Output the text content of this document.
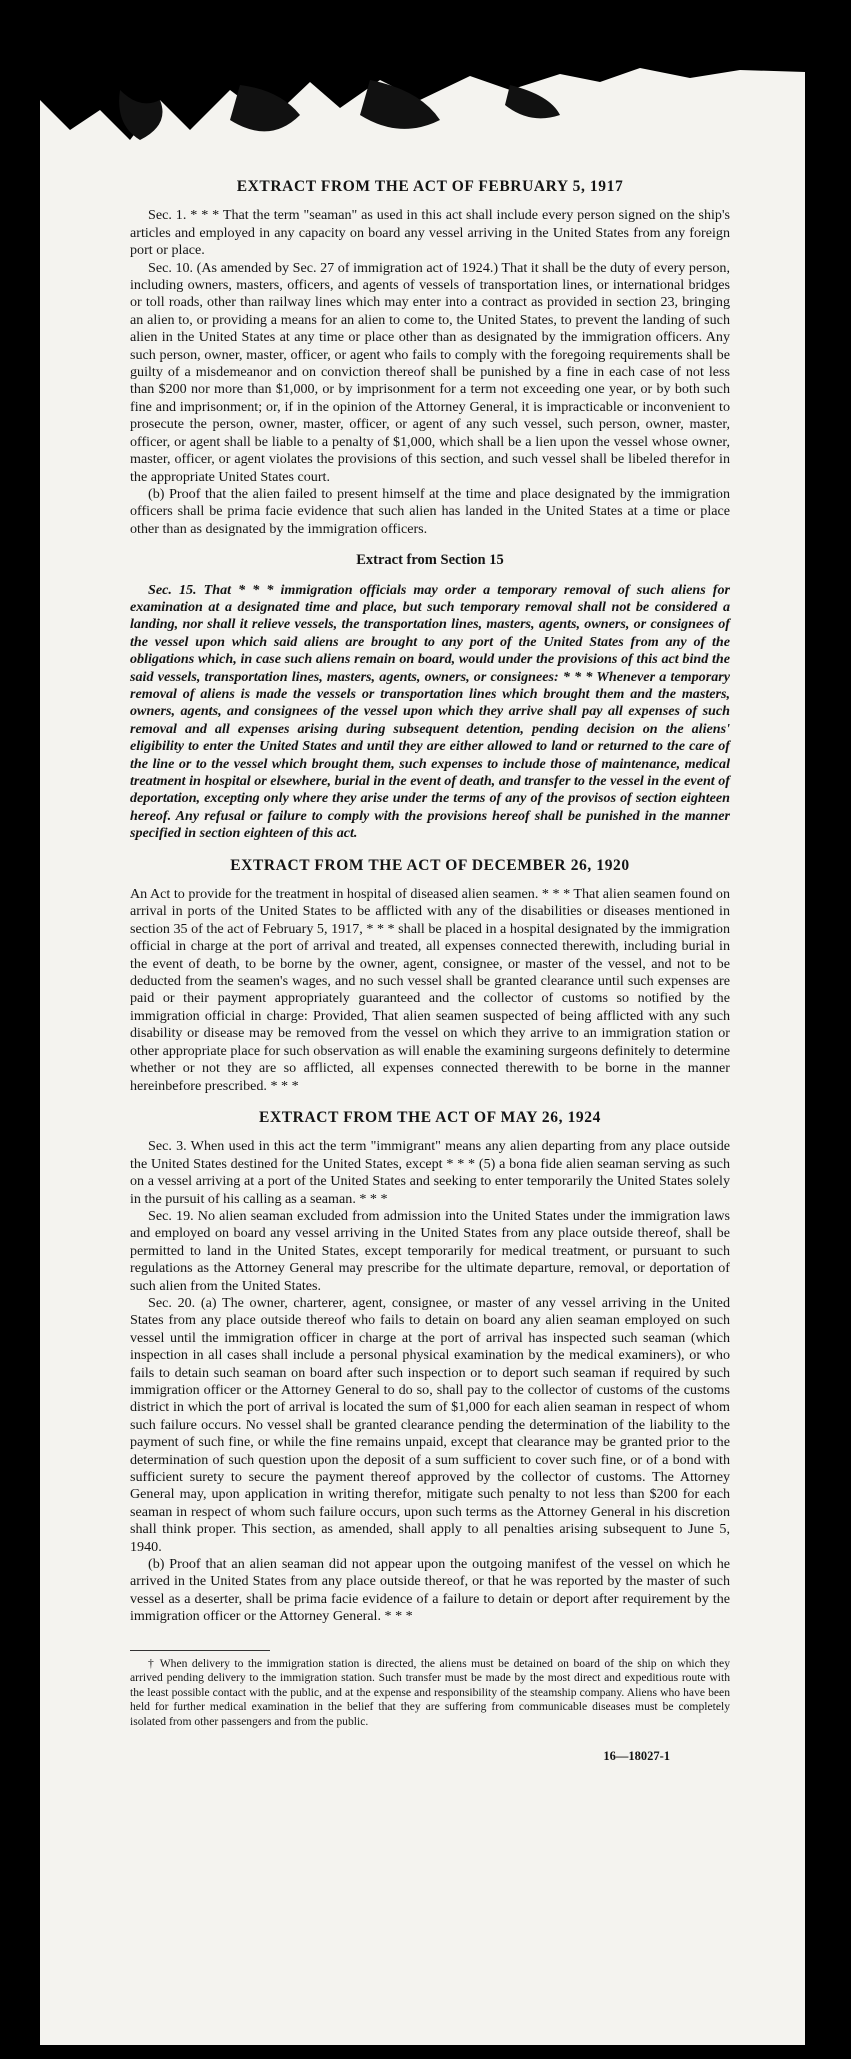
EXTRACT FROM THE ACT OF FEBRUARY 5, 1917

Sec. 1. * * * That the term "seaman" as used in this act shall include every person signed on the ship's articles and employed in any capacity on board any vessel arriving in the United States from any foreign port or place.

Sec. 10. (As amended by Sec. 27 of immigration act of 1924.) That it shall be the duty of every person, including owners, masters, officers, and agents of vessels of transportation lines, or international bridges or toll roads, other than railway lines which may enter into a contract as provided in section 23, bringing an alien to, or providing a means for an alien to come to, the United States, to prevent the landing of such alien in the United States at any time or place other than as designated by the immigration officers. Any such person, owner, master, officer, or agent who fails to comply with the foregoing requirements shall be guilty of a misdemeanor and on conviction thereof shall be punished by a fine in each case of not less than $200 nor more than $1,000, or by imprisonment for a term not exceeding one year, or by both such fine and imprisonment; or, if in the opinion of the Attorney General, it is impracticable or inconvenient to prosecute the person, owner, master, officer, or agent of any such vessel, such person, owner, master, officer, or agent shall be liable to a penalty of $1,000, which shall be a lien upon the vessel whose owner, master, officer, or agent violates the provisions of this section, and such vessel shall be libeled therefor in the appropriate United States court.

(b) Proof that the alien failed to present himself at the time and place designated by the immigration officers shall be prima facie evidence that such alien has landed in the United States at a time or place other than as designated by the immigration officers.

Extract from Section 15

Sec. 15. That * * * immigration officials may order a temporary removal of such aliens for examination at a designated time and place, but such temporary removal shall not be considered a landing, nor shall it relieve vessels, the transportation lines, masters, agents, owners, or consignees of the vessel upon which said aliens are brought to any port of the United States from any of the obligations which, in case such aliens remain on board, would under the provisions of this act bind the said vessels, transportation lines, masters, agents, owners, or consignees: * * * Whenever a temporary removal of aliens is made the vessels or transportation lines which brought them and the masters, owners, agents, and consignees of the vessel upon which they arrive shall pay all expenses of such removal and all expenses arising during subsequent detention, pending decision on the aliens' eligibility to enter the United States and until they are either allowed to land or returned to the care of the line or to the vessel which brought them, such expenses to include those of maintenance, medical treatment in hospital or elsewhere, burial in the event of death, and transfer to the vessel in the event of deportation, excepting only where they arise under the terms of any of the provisos of section eighteen hereof. Any refusal or failure to comply with the provisions hereof shall be punished in the manner specified in section eighteen of this act.

EXTRACT FROM THE ACT OF DECEMBER 26, 1920

An Act to provide for the treatment in hospital of diseased alien seamen. * * * That alien seamen found on arrival in ports of the United States to be afflicted with any of the disabilities or diseases mentioned in section 35 of the act of February 5, 1917, * * * shall be placed in a hospital designated by the immigration official in charge at the port of arrival and treated, all expenses connected therewith, including burial in the event of death, to be borne by the owner, agent, consignee, or master of the vessel, and not to be deducted from the seamen's wages, and no such vessel shall be granted clearance until such expenses are paid or their payment appropriately guaranteed and the collector of customs so notified by the immigration official in charge: Provided, That alien seamen suspected of being afflicted with any such disability or disease may be removed from the vessel on which they arrive to an immigration station or other appropriate place for such observation as will enable the examining surgeons definitely to determine whether or not they are so afflicted, all expenses connected therewith to be borne in the manner hereinbefore prescribed. * * *

EXTRACT FROM THE ACT OF MAY 26, 1924

Sec. 3. When used in this act the term "immigrant" means any alien departing from any place outside the United States destined for the United States, except * * * (5) a bona fide alien seaman serving as such on a vessel arriving at a port of the United States and seeking to enter temporarily the United States solely in the pursuit of his calling as a seaman. * * *

Sec. 19. No alien seaman excluded from admission into the United States under the immigration laws and employed on board any vessel arriving in the United States from any place outside thereof, shall be permitted to land in the United States, except temporarily for medical treatment, or pursuant to such regulations as the Attorney General may prescribe for the ultimate departure, removal, or deportation of such alien from the United States.

Sec. 20. (a) The owner, charterer, agent, consignee, or master of any vessel arriving in the United States from any place outside thereof who fails to detain on board any alien seaman employed on such vessel until the immigration officer in charge at the port of arrival has inspected such seaman (which inspection in all cases shall include a personal physical examination by the medical examiners), or who fails to detain such seaman on board after such inspection or to deport such seaman if required by such immigration officer or the Attorney General to do so, shall pay to the collector of customs of the customs district in which the port of arrival is located the sum of $1,000 for each alien seaman in respect of whom such failure occurs. No vessel shall be granted clearance pending the determination of the liability to the payment of such fine, or while the fine remains unpaid, except that clearance may be granted prior to the determination of such question upon the deposit of a sum sufficient to cover such fine, or of a bond with sufficient surety to secure the payment thereof approved by the collector of customs. The Attorney General may, upon application in writing therefor, mitigate such penalty to not less than $200 for each seaman in respect of whom such failure occurs, upon such terms as the Attorney General in his discretion shall think proper. This section, as amended, shall apply to all penalties arising subsequent to June 5, 1940.

(b) Proof that an alien seaman did not appear upon the outgoing manifest of the vessel on which he arrived in the United States from any place outside thereof, or that he was reported by the master of such vessel as a deserter, shall be prima facie evidence of a failure to detain or deport after requirement by the immigration officer or the Attorney General. * * *

† When delivery to the immigration station is directed, the aliens must be detained on board of the ship on which they arrived pending delivery to the immigration station. Such transfer must be made by the most direct and expeditious route with the least possible contact with the public, and at the expense and responsibility of the steamship company. Aliens who have been held for further medical examination in the belief that they are suffering from communicable diseases must be completely isolated from other passengers and from the public.

16—18027-1
